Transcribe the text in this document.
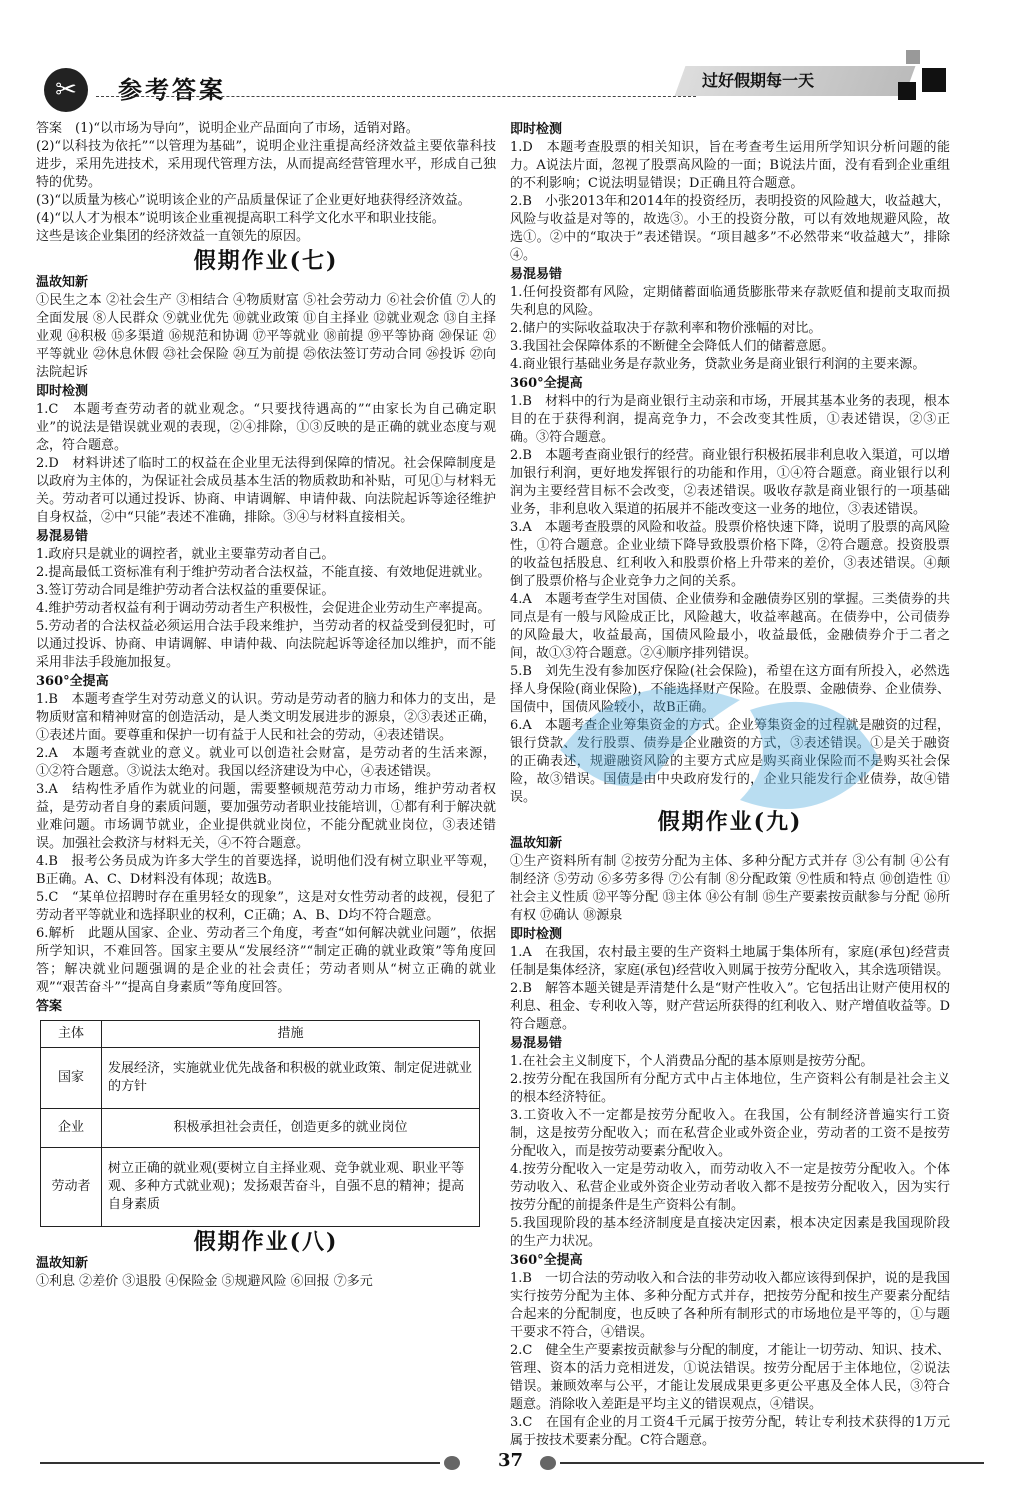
✂	参考答案	过好假期每一天

答案　(1)“以市场为导向”，说明企业产品面向了市场，适销对路。

(2)“以科技为依托”“以管理为基础”，说明企业注重提高经济效益主要依靠科技进步，采用先进技术，采用现代管理方法，从而提高经营管理水平，形成自己独特的优势。

(3)“以质量为核心”说明该企业的产品质量保证了企业更好地获得经济效益。

(4)“以人才为根本”说明该企业重视提高职工科学文化水平和职业技能。

这些是该企业集团的经济效益一直领先的原因。

假期作业(七)
温故知新

①民生之本 ②社会生产 ③相结合 ④物质财富 ⑤社会劳动力 ⑥社会价值 ⑦人的全面发展 ⑧人民群众 ⑨就业优先 ⑩就业政策 ⑪自主择业 ⑫就业观念 ⑬自主择业观 ⑭积极 ⑮多渠道 ⑯规范和协调 ⑰平等就业 ⑱前提 ⑲平等协商 ⑳保证 ㉑平等就业 ㉒休息休假 ㉓社会保险 ㉔互为前提 ㉕依法签订劳动合同 ㉖投诉 ㉗向法院起诉

即时检测

1.C　本题考查劳动者的就业观念。“只要找待遇高的”“由家长为自己确定职业”的说法是错误就业观的表现，②④排除，①③反映的是正确的就业态度与观念，符合题意。

2.D　材料讲述了临时工的权益在企业里无法得到保障的情况。社会保障制度是以政府为主体的，为保证社会成员基本生活的物质救助和补贴，可见①与材料无关。劳动者可以通过投诉、协商、申请调解、申请仲裁、向法院起诉等途径维护自身权益，②中“只能”表述不准确，排除。③④与材料直接相关。

易混易错

1.政府只是就业的调控者，就业主要靠劳动者自己。

2.提高最低工资标准有利于维护劳动者合法权益，不能直接、有效地促进就业。

3.签订劳动合同是维护劳动者合法权益的重要保证。

4.维护劳动者权益有利于调动劳动者生产积极性，会促进企业劳动生产率提高。

5.劳动者的合法权益必须运用合法手段来维护，当劳动者的权益受到侵犯时，可以通过投诉、协商、申请调解、申请仲裁、向法院起诉等途径加以维护，而不能采用非法手段施加报复。

360°全提高

1.B　本题考查学生对劳动意义的认识。劳动是劳动者的脑力和体力的支出，是物质财富和精神财富的创造活动，是人类文明发展进步的源泉，②③表述正确，①表述片面。要尊重和保护一切有益于人民和社会的劳动，④表述错误。

2.A　本题考查就业的意义。就业可以创造社会财富，是劳动者的生活来源，①②符合题意。③说法太绝对。我国以经济建设为中心，④表述错误。

3.A　结构性矛盾作为就业的问题，需要整顿规范劳动力市场，维护劳动者权益，是劳动者自身的素质问题，要加强劳动者职业技能培训，①都有利于解决就业难问题。市场调节就业，企业提供就业岗位，不能分配就业岗位，③表述错误。加强社会救济与材料无关，④不符合题意。

4.B　报考公务员成为许多大学生的首要选择，说明他们没有树立职业平等观，B正确。A、C、D材料没有体现；故选B。

5.C　“某单位招聘时存在重男轻女的现象”，这是对女性劳动者的歧视，侵犯了劳动者平等就业和选择职业的权利，C正确；A、B、D均不符合题意。

6.解析　此题从国家、企业、劳动者三个角度，考查“如何解决就业问题”，依据所学知识，不难回答。国家主要从“发展经济”“制定正确的就业政策”等角度回答；解决就业问题强调的是企业的社会责任；劳动者则从“树立正确的就业观”“艰苦奋斗”“提高自身素质”等角度回答。

答案
主体	措施
国家	发展经济，实施就业优先战备和积极的就业政策、制定促进就业的方针
企业	积极承担社会责任，创造更多的就业岗位
劳动者	树立正确的就业观(要树立自主择业观、竞争就业观、职业平等观、多种方式就业观)；发扬艰苦奋斗，自强不息的精神；提高自身素质
假期作业(八)
温故知新

①利息 ②差价 ③退股 ④保险金 ⑤规避风险 ⑥回报 ⑦多元

即时检测

1.D　本题考查股票的相关知识，旨在考查考生运用所学知识分析问题的能力。A说法片面，忽视了股票高风险的一面；B说法片面，没有看到企业重组的不利影响；C说法明显错误；D正确且符合题意。

2.B　小张2013年和2014年的投资经历，表明投资的风险越大，收益越大，风险与收益是对等的，故选③。小王的投资分散，可以有效地规避风险，故选①。②中的“取决于”表述错误。“项目越多”不必然带来“收益越大”，排除④。

易混易错

1.任何投资都有风险，定期储蓄面临通货膨胀带来存款贬值和提前支取而损失利息的风险。

2.储户的实际收益取决于存款利率和物价涨幅的对比。

3.我国社会保障体系的不断健全会降低人们的储蓄意愿。

4.商业银行基础业务是存款业务，贷款业务是商业银行利润的主要来源。

360°全提高

1.B　材料中的行为是商业银行主动亲和市场，开展其基本业务的表现，根本目的在于获得利润，提高竞争力，不会改变其性质，①表述错误，②③正确。③符合题意。

2.B　本题考查商业银行的经营。商业银行积极拓展非利息收入渠道，可以增加银行利润，更好地发挥银行的功能和作用，①④符合题意。商业银行以利润为主要经营目标不会改变，②表述错误。吸收存款是商业银行的一项基础业务，非利息收入渠道的拓展并不能改变这一业务的地位，③表述错误。

3.A　本题考查股票的风险和收益。股票价格快速下降，说明了股票的高风险性，①符合题意。企业业绩下降导致股票价格下降，②符合题意。投资股票的收益包括股息、红利收入和股票价格上升带来的差价，③表述错误。④颠倒了股票价格与企业竞争力之间的关系。

4.A　本题考查学生对国债、企业债券和金融债券区别的掌握。三类债券的共同点是有一般与风险成正比，风险越大，收益率越高。在债券中，公司债券的风险最大，收益最高，国债风险最小，收益最低，金融债券介于二者之间，故①③符合题意。②④顺序排列错误。

5.B　刘先生没有参加医疗保险(社会保险)，希望在这方面有所投入，必然选择人身保险(商业保险)，不能选择财产保险。在股票、金融债券、企业债券、国债中，国债风险较小，故B正确。

6.A　本题考查企业筹集资金的方式。企业筹集资金的过程就是融资的过程，银行贷款、发行股票、债券是企业融资的方式，③表述错误。①是关于融资的正确表述，规避融资风险的主要方式应是购买商业保险而不是购买社会保险，故③错误。国债是由中央政府发行的，企业只能发行企业债券，故④错误。

假期作业(九)
温故知新

①生产资料所有制 ②按劳分配为主体、多种分配方式并存 ③公有制 ④公有制经济 ⑤劳动 ⑥多劳多得 ⑦公有制 ⑧分配政策 ⑨性质和特点 ⑩创造性 ⑪社会主义性质 ⑫平等分配 ⑬主体 ⑭公有制 ⑮生产要素按贡献参与分配 ⑯所有权 ⑰确认 ⑱源泉

即时检测

1.A　在我国，农村最主要的生产资料土地属于集体所有，家庭(承包)经营责任制是集体经济，家庭(承包)经营收入则属于按劳分配收入，其余选项错误。

2.B　解答本题关键是弄清楚什么是“财产性收入”。它包括出让财产使用权的利息、租金、专利收入等，财产营运所获得的红利收入、财产增值收益等。D符合题意。

易混易错

1.在社会主义制度下，个人消费品分配的基本原则是按劳分配。

2.按劳分配在我国所有分配方式中占主体地位，生产资料公有制是社会主义的根本经济特征。

3.工资收入不一定都是按劳分配收入。在我国，公有制经济普遍实行工资制，这是按劳分配收入；而在私营企业或外资企业，劳动者的工资不是按劳分配收入，而是按劳动要素分配收入。

4.按劳分配收入一定是劳动收入，而劳动收入不一定是按劳分配收入。个体劳动收入、私营企业或外资企业劳动者收入都不是按劳分配收入，因为实行按劳分配的前提条件是生产资料公有制。

5.我国现阶段的基本经济制度是直接决定因素，根本决定因素是我国现阶段的生产力状况。

360°全提高

1.B　一切合法的劳动收入和合法的非劳动收入都应该得到保护，说的是我国实行按劳分配为主体、多种分配方式并存，把按劳分配和按生产要素分配结合起来的分配制度，也反映了各种所有制形式的市场地位是平等的，①与题干要求不符合，④错误。

2.C　健全生产要素按贡献参与分配的制度，才能让一切劳动、知识、技术、管理、资本的活力竞相迸发，①说法错误。按劳分配居于主体地位，②说法错误。兼顾效率与公平，才能让发展成果更多更公平惠及全体人民，③符合题意。消除收入差距是平均主义的错误观点，④错误。

3.C　在国有企业的月工资4千元属于按劳分配，转让专利技术获得的1万元属于按技术要素分配。C符合题意。

37
